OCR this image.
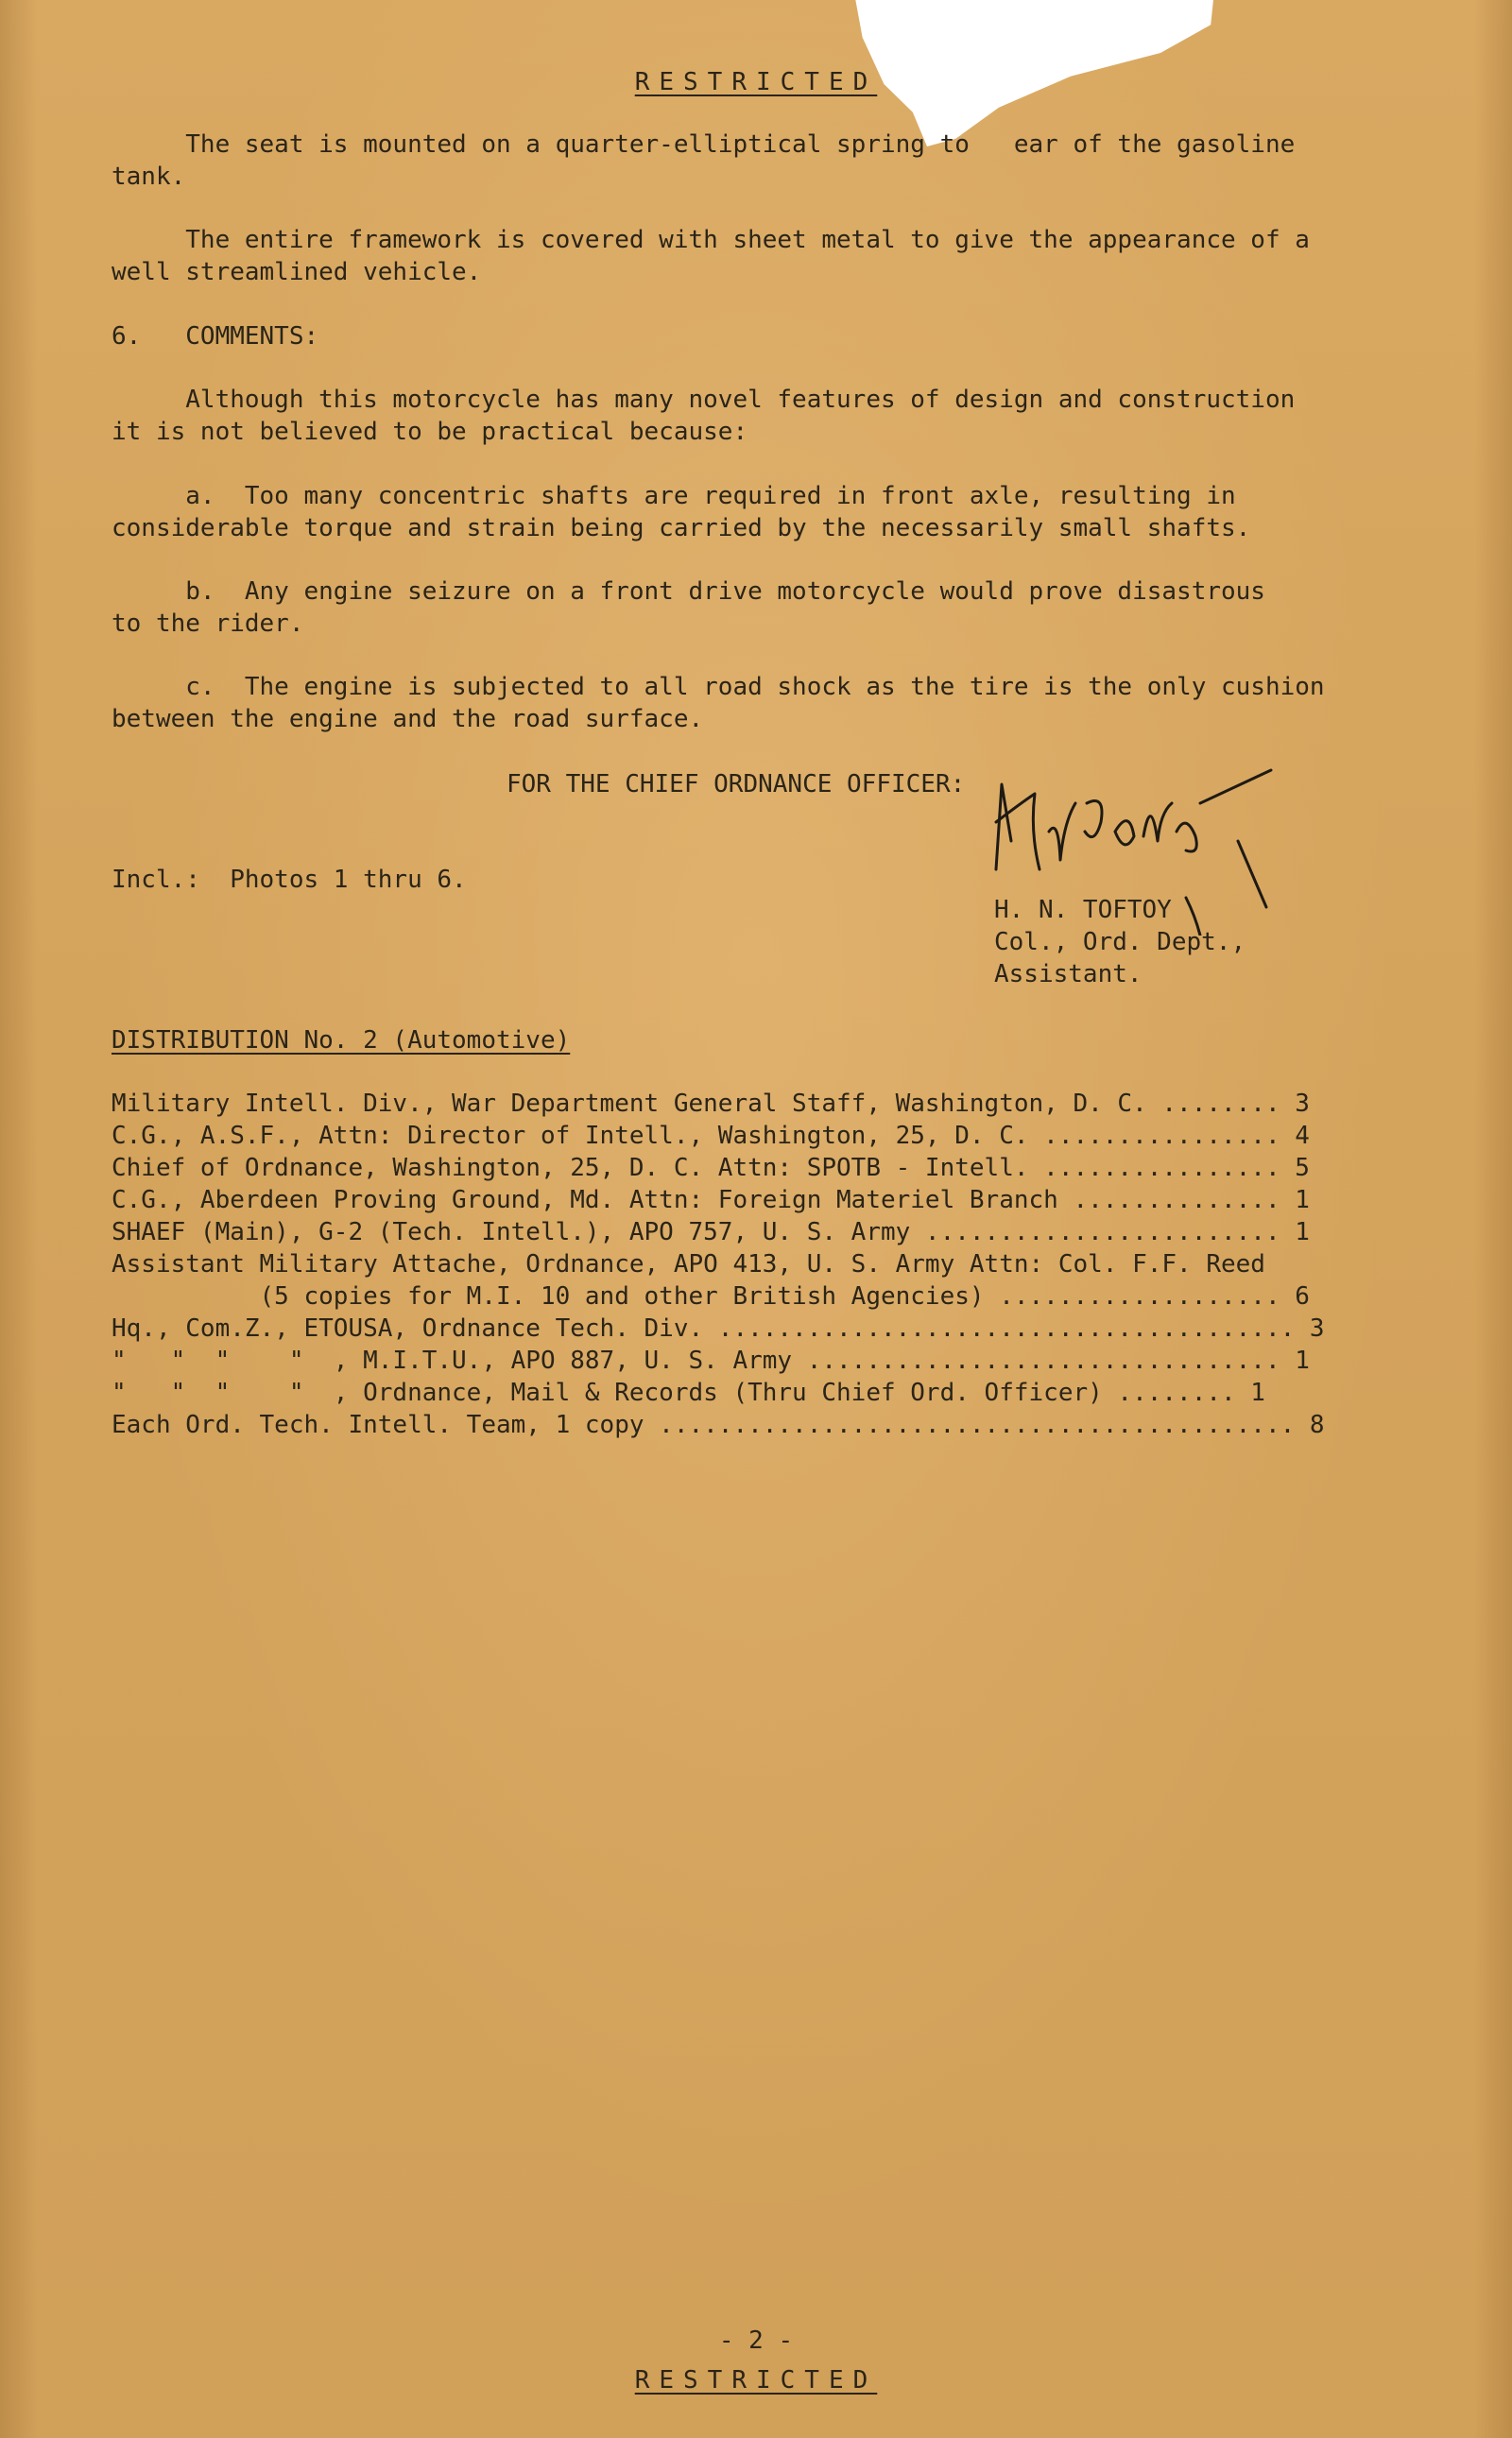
RESTRICTED
The seat is mounted on a quarter-elliptical spring to   ear of the gasoline
tank.
The entire framework is covered with sheet metal to give the appearance of a
well streamlined vehicle.
6.   COMMENTS:
Although this motorcycle has many novel features of design and construction
it is not believed to be practical because:
a.  Too many concentric shafts are required in front axle, resulting in
considerable torque and strain being carried by the necessarily small shafts.
b.  Any engine seizure on a front drive motorcycle would prove disastrous
to the rider.
c.  The engine is subjected to all road shock as the tire is the only cushion
between the engine and the road surface.
FOR THE CHIEF ORDNANCE OFFICER:
Incl.:  Photos 1 thru 6.
H. N. TOFTOY
Col., Ord. Dept.,
Assistant.
DISTRIBUTION No. 2 (Automotive)
Military Intell. Div., War Department General Staff, Washington, D. C. ........ 3
C.G., A.S.F., Attn: Director of Intell., Washington, 25, D. C. ................ 4
Chief of Ordnance, Washington, 25, D. C. Attn: SPOTB - Intell. ................ 5
C.G., Aberdeen Proving Ground, Md. Attn: Foreign Materiel Branch .............. 1
SHAEF (Main), G-2 (Tech. Intell.), APO 757, U. S. Army ........................ 1
Assistant Military Attache, Ordnance, APO 413, U. S. Army Attn: Col. F.F. Reed
(5 copies for M.I. 10 and other British Agencies) ................... 6
Hq., Com.Z., ETOUSA, Ordnance Tech. Div. ....................................... 3
"   "  "    "  , M.I.T.U., APO 887, U. S. Army ................................ 1
"   "  "    "  , Ordnance, Mail & Records (Thru Chief Ord. Officer) ........ 1
Each Ord. Tech. Intell. Team, 1 copy ........................................... 8
- 2 -
RESTRICTED
